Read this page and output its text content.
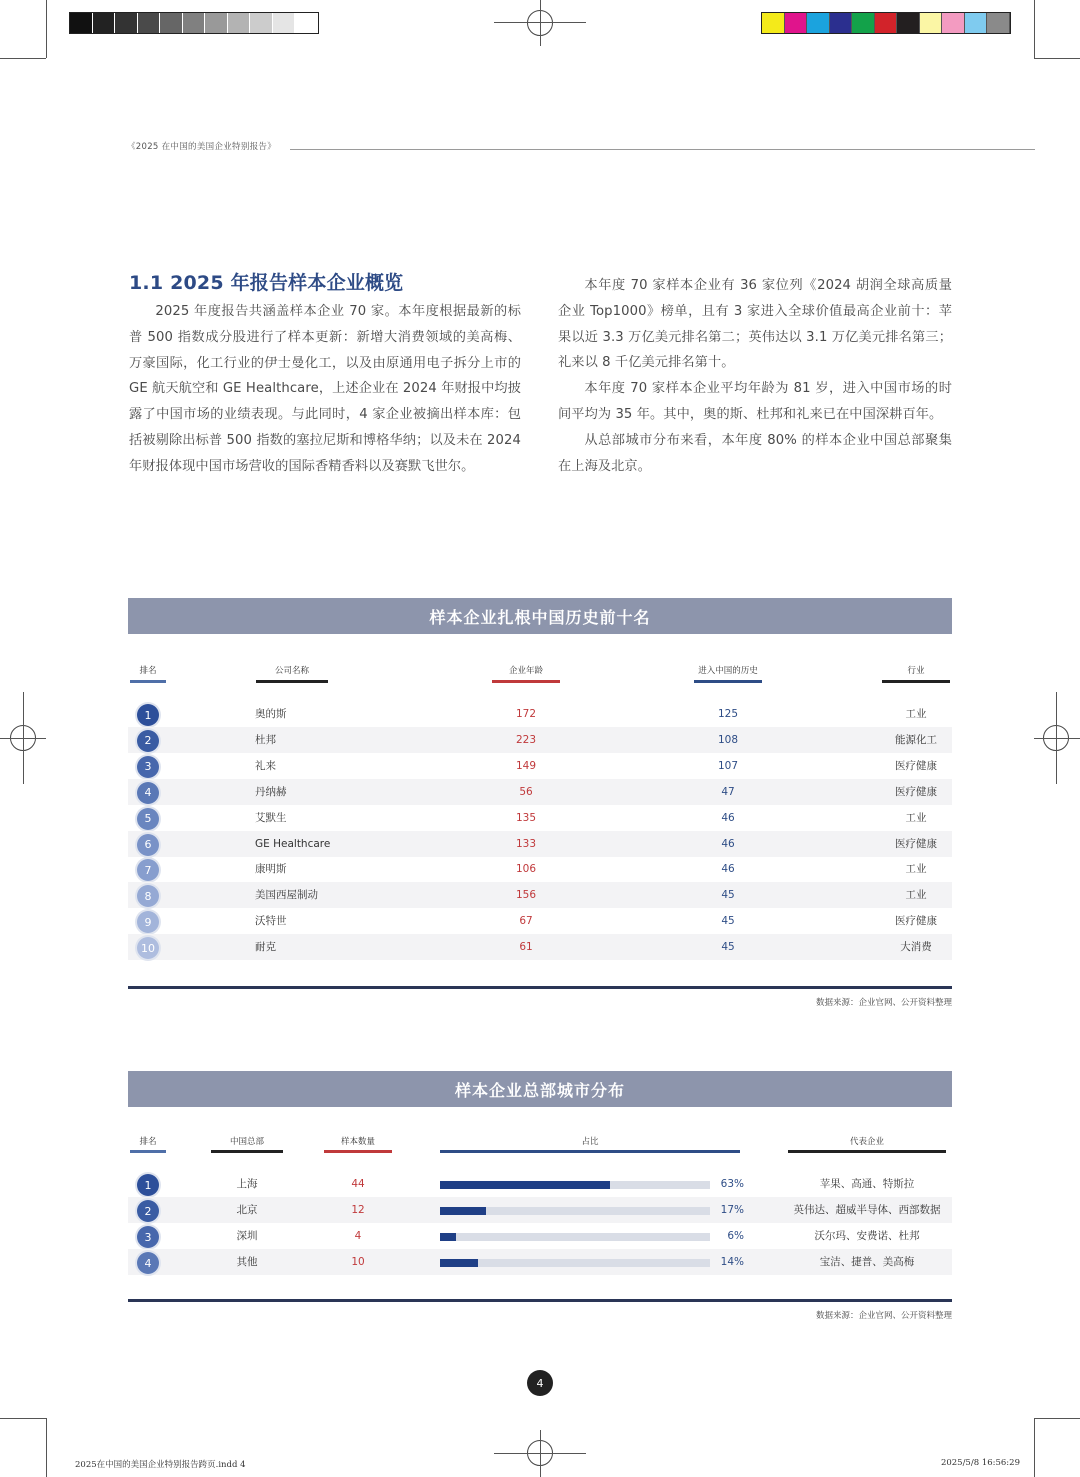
《2025 在中国的美国企业特别报告》
1.1 2025 年报告样本企业概览

2025 年度报告共涵盖样本企业 70 家。本年度根据最新的标普 500 指数成分股进行了样本更新：新增大消费领域的美高梅、万豪国际，化工行业的伊士曼化工，以及由原通用电子拆分上市的 GE 航天航空和 GE Healthcare，上述企业在 2024 年财报中均披露了中国市场的业绩表现。与此同时，4 家企业被摘出样本库：包括被剔除出标普 500 指数的塞拉尼斯和博格华纳；以及未在 2024 年财报体现中国市场营收的国际香精香料以及赛默飞世尔。

本年度 70 家样本企业有 36 家位列《2024 胡润全球高质量企业 Top1000》榜单，且有 3 家进入全球价值最高企业前十：苹果以近 3.3 万亿美元排名第二；英伟达以 3.1 万亿美元排名第三；礼来以 8 千亿美元排名第十。

本年度 70 家样本企业平均年龄为 81 岁，进入中国市场的时间平均为 35 年。其中，奥的斯、杜邦和礼来已在中国深耕百年。

从总部城市分布来看，本年度 80% 的样本企业中国总部聚集在上海及北京。

样本企业扎根中国历史前十名
排名	公司名称	企业年龄	进入中国的历史	行业
1	奥的斯	172	125	工业
2	杜邦	223	108	能源化工
3	礼来	149	107	医疗健康
4	丹纳赫	56	47	医疗健康
5	艾默生	135	46	工业
6	GE Healthcare	133	46	医疗健康
7	康明斯	106	46	工业
8	美国西屋制动	156	45	工业
9	沃特世	67	45	医疗健康
10	耐克	61	45	大消费
数据来源：企业官网、公开资料整理
样本企业总部城市分布
排名	中国总部	样本数量	占比	代表企业
1	上海	44	63%	苹果、高通、特斯拉
2	北京	12	17%	英伟达、超威半导体、西部数据
3	深圳	4	6%	沃尔玛、安费诺、杜邦
4	其他	10	14%	宝洁、捷普、美高梅
数据来源：企业官网、公开资料整理
4
2025在中国的美国企业特别报告跨页.indd 4	2025/5/8 16:56:29
